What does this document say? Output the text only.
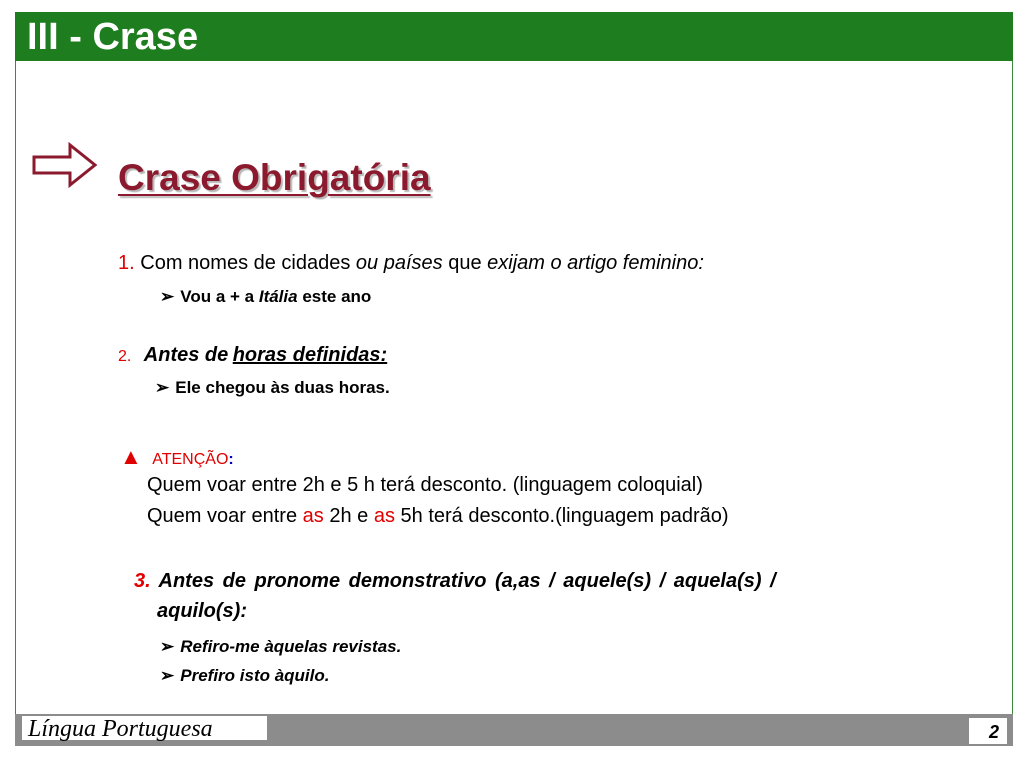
III - Crase
Crase Obrigatória
1. Com nomes de cidades ou países que exijam o artigo feminino:
➢ Vou a + a Itália este ano
2. Antes de horas definidas:
➢ Ele chegou às duas horas.
▲ ATENÇÃO:
Quem voar entre 2h e 5 h terá desconto. (linguagem coloquial)
Quem voar entre as 2h e as 5h terá desconto.(linguagem padrão)
3. Antes de pronome demonstrativo (a,as / aquele(s) / aquela(s) /
aquilo(s):
➢ Refiro-me àquelas revistas.
➢ Prefiro isto àquilo.
Língua Portuguesa	2
